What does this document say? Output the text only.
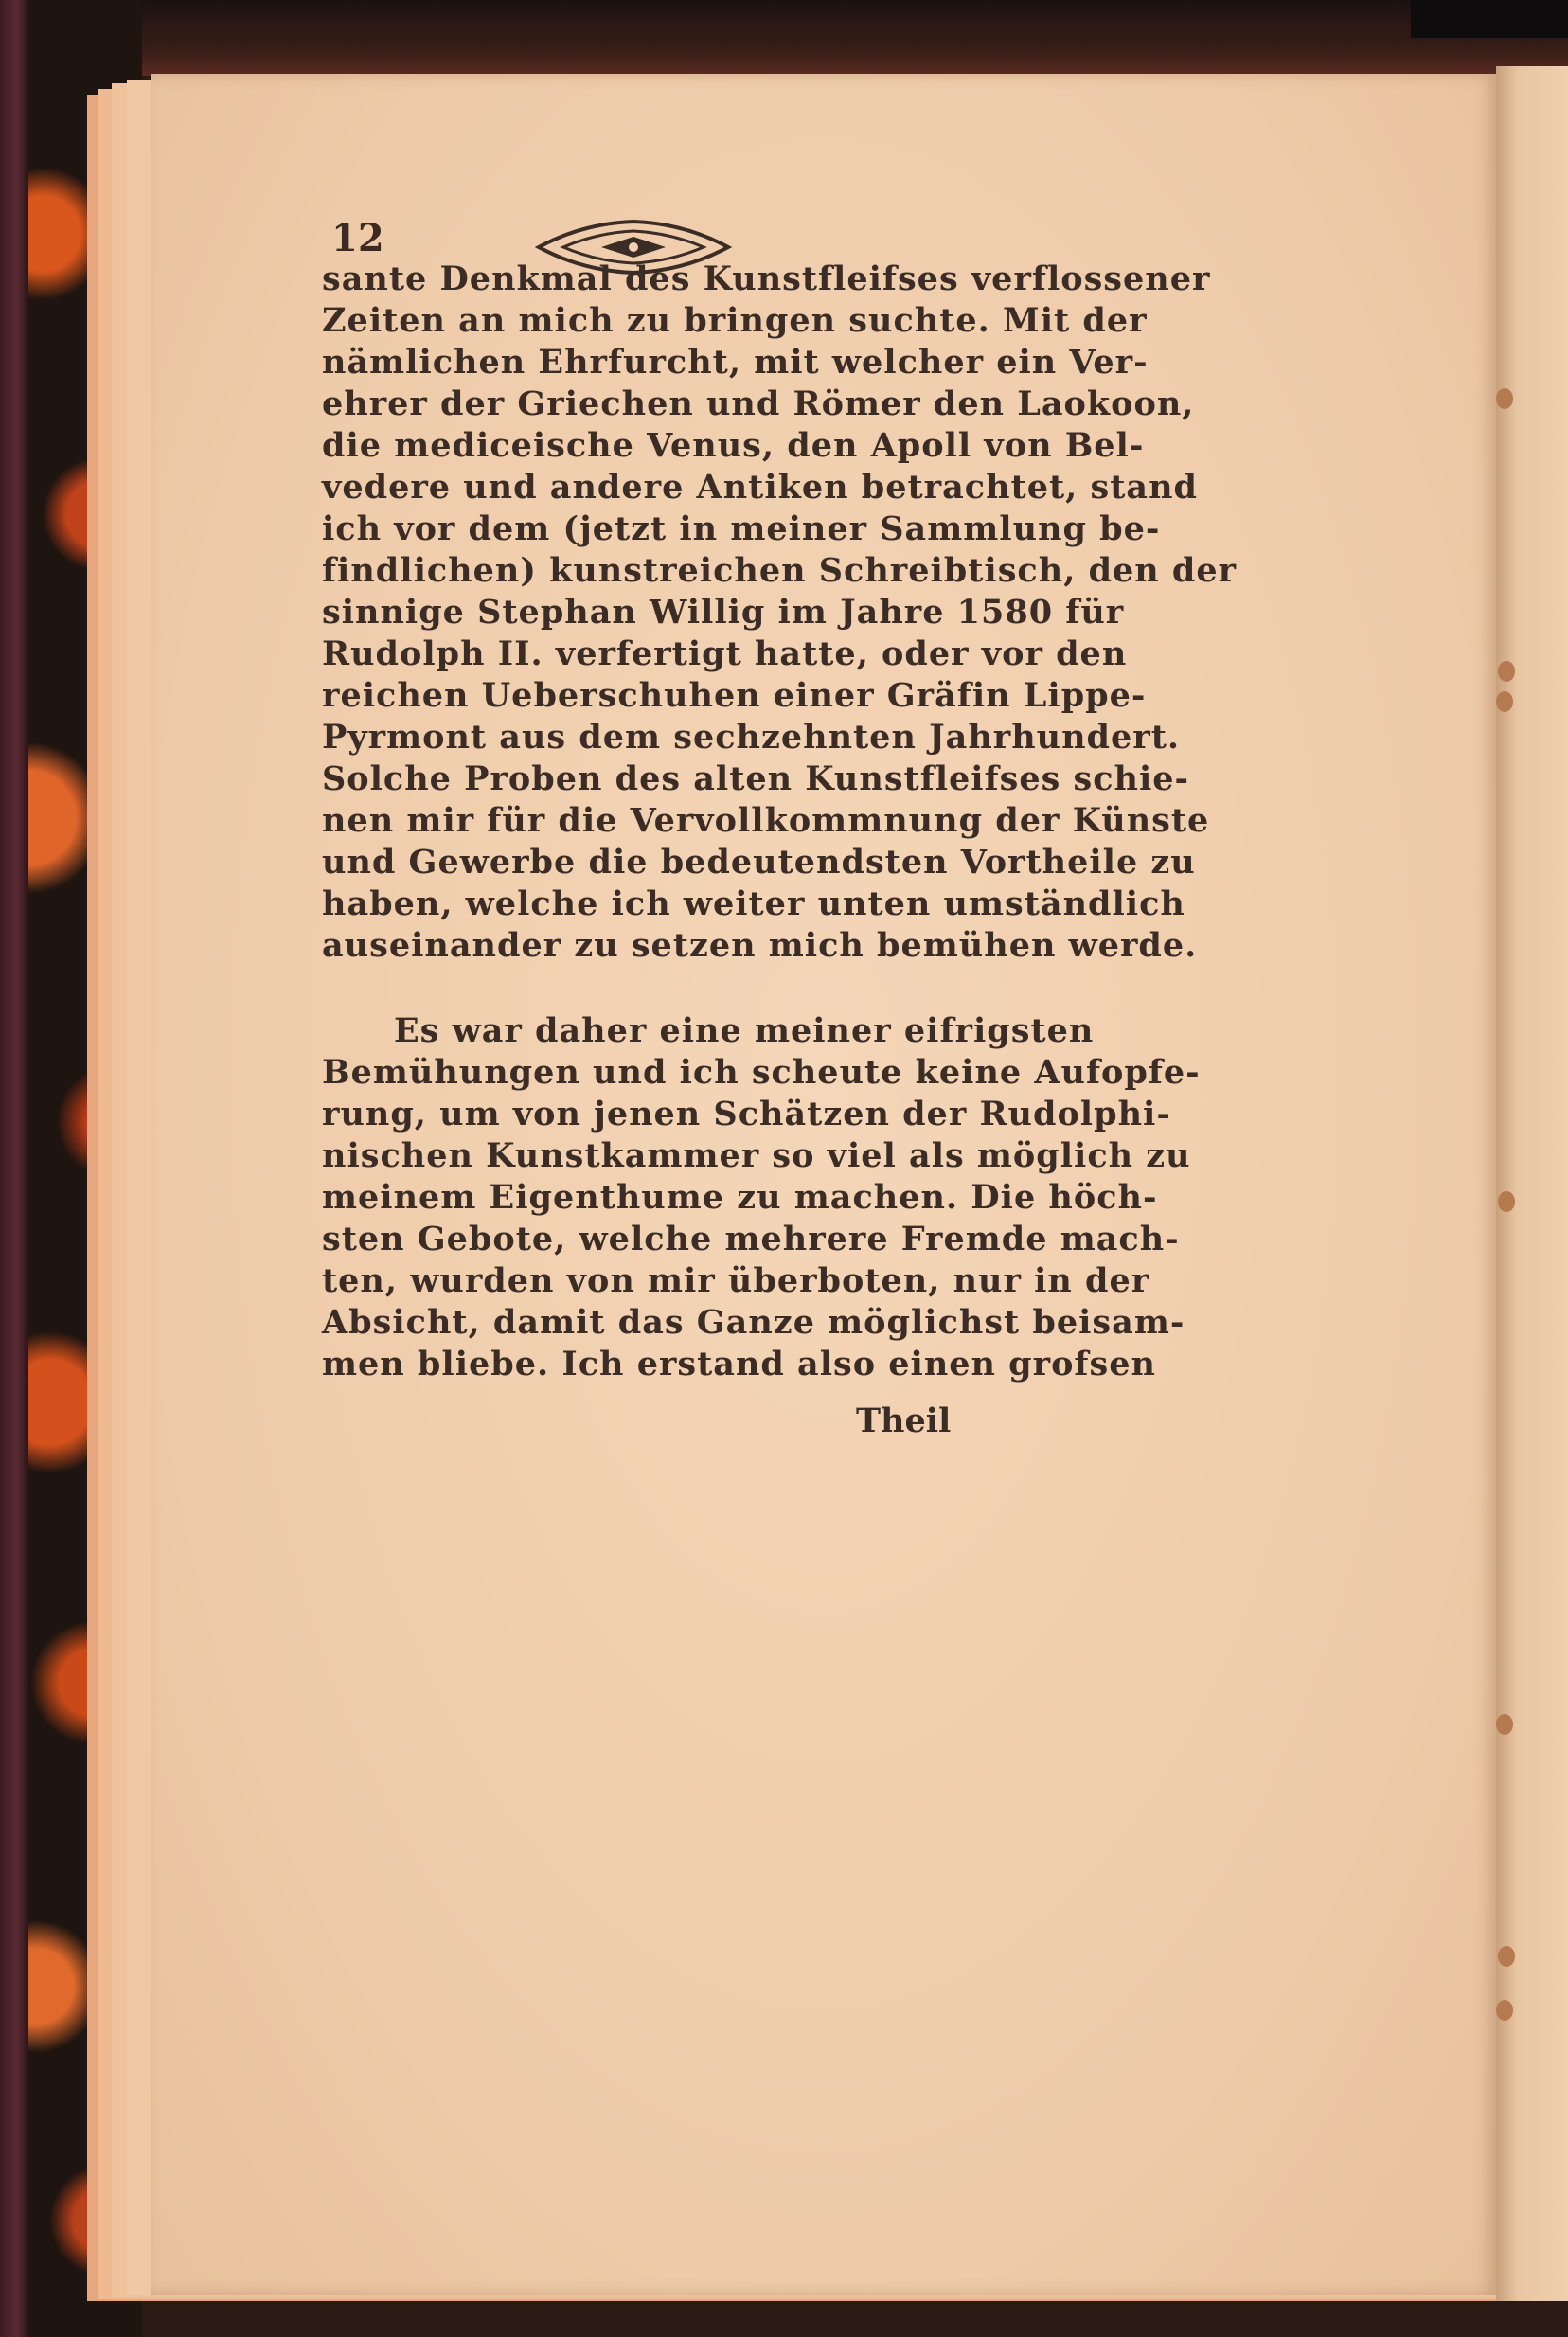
12
sante Denkmal des Kunstfleifses verflossener
Zeiten an mich zu bringen suchte. Mit der
nämlichen Ehrfurcht, mit welcher ein Ver-
ehrer der Griechen und Römer den Laokoon,
die mediceische Venus, den Apoll von Bel-
vedere und andere Antiken betrachtet, stand
ich vor dem (jetzt in meiner Sammlung be-
findlichen) kunstreichen Schreibtisch, den der
sinnige Stephan Willig im Jahre 1580 für
Rudolph II. verfertigt hatte, oder vor den
reichen Ueberschuhen einer Gräfin Lippe-
Pyrmont aus dem sechzehnten Jahrhundert.
Solche Proben des alten Kunstfleifses schie-
nen mir für die Vervollkommnung der Künste
und Gewerbe die bedeutendsten Vortheile zu
haben, welche ich weiter unten umständlich
auseinander zu setzen mich bemühen werde.
Es war daher eine meiner eifrigsten
Bemühungen und ich scheute keine Aufopfe-
rung, um von jenen Schätzen der Rudolphi-
nischen Kunstkammer so viel als möglich zu
meinem Eigenthume zu machen. Die höch-
sten Gebote, welche mehrere Fremde mach-
ten, wurden von mir überboten, nur in der
Absicht, damit das Ganze möglichst beisam-
men bliebe. Ich erstand also einen grofsen
Theil
